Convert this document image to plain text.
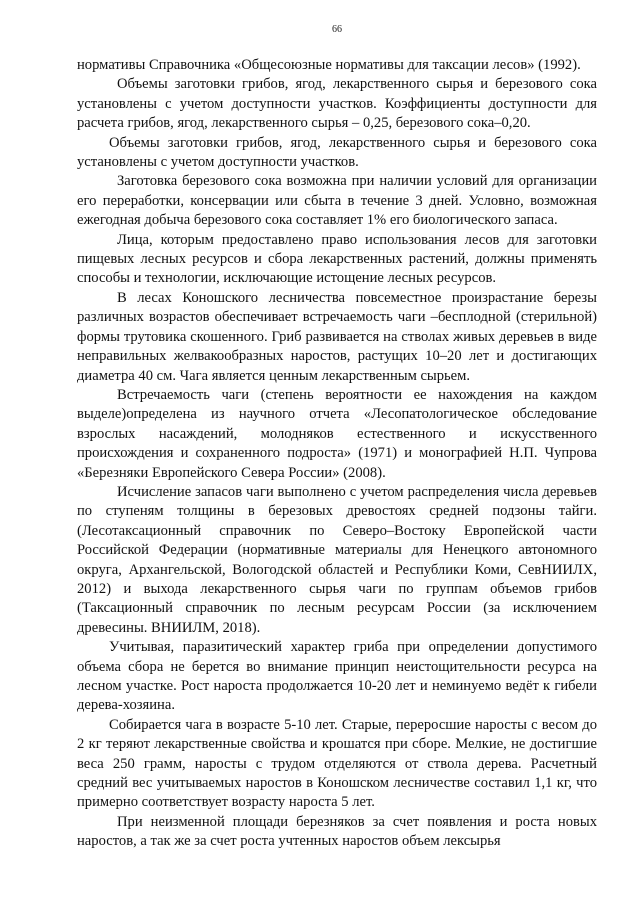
66

нормативы Справочника «Общесоюзные нормативы для таксации лесов» (1992).

Объемы заготовки грибов, ягод, лекарственного сырья и березового сока установлены с учетом доступности участков. Коэффициенты доступности для расчета грибов, ягод, лекарственного сырья – 0,25, березового сока–0,20.

Объемы заготовки грибов, ягод, лекарственного сырья и березового сока установлены с учетом доступности участков.

Заготовка березового сока возможна при наличии условий для организации его переработки, консервации или сбыта в течение 3 дней. Условно, возможная ежегодная добыча березового сока составляет 1% его биологического запаса.

Лица, которым предоставлено право использования лесов для заготовки пищевых лесных ресурсов и сбора лекарственных растений, должны применять способы и технологии, исключающие истощение лесных ресурсов.

В лесах Коношского лесничества повсеместное произрастание березы различных возрастов обеспечивает встречаемость чаги –бесплодной (стерильной) формы трутовика скошенного. Гриб развивается на стволах живых деревьев в виде неправильных желвакообразных наростов, растущих 10–20 лет и достигающих диаметра 40 см. Чага является ценным лекарственным сырьем.

Встречаемость чаги (степень вероятности ее нахождения на каждом выделе)определена из научного отчета «Лесопатологическое обследование взрослых насаждений, молодняков естественного и искусственного происхождения и сохраненного подроста» (1971) и монографией Н.П. Чупрова «Березняки Европейского Севера России» (2008).

Исчисление запасов чаги выполнено с учетом распределения числа деревьев по ступеням толщины в березовых древостоях средней подзоны тайги. (Лесотаксационный справочник по Северо–Востоку Европейской части Российской Федерации (нормативные материалы для Ненецкого автономного округа, Архангельской, Вологодской областей и Республики Коми, СевНИИЛХ, 2012) и выхода лекарственного сырья чаги по группам объемов грибов (Таксационный справочник по лесным ресурсам России (за исключением древесины. ВНИИЛМ, 2018).

Учитывая, паразитический характер гриба при определении допустимого объема сбора не берется во внимание принцип неистощительности ресурса на лесном участке. Рост нароста продолжается 10-20 лет и неминуемо ведёт к гибели дерева-хозяина.

Собирается чага в возрасте 5-10 лет. Старые, переросшие наросты с весом до 2 кг теряют лекарственные свойства и крошатся при сборе. Мелкие, не достигшие веса 250 грамм, наросты с трудом отделяются от ствола дерева. Расчетный средний вес учитываемых наростов в Коношском лесничестве составил 1,1 кг, что примерно соответствует возрасту нароста 5 лет.

При неизменной площади березняков за счет появления и роста новых наростов, а так же за счет роста учтенных наростов объем лексырья
